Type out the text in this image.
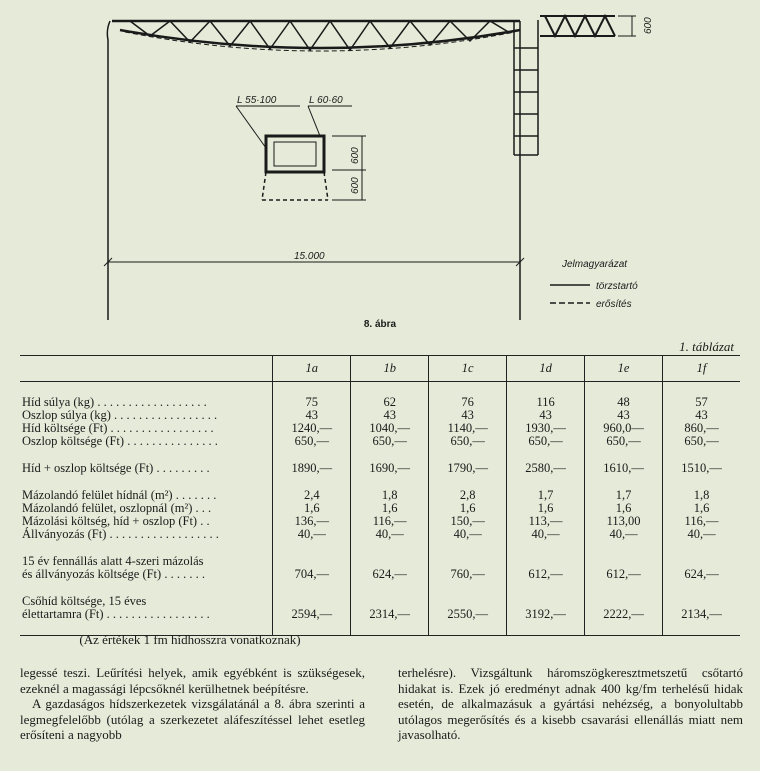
L 55·100	L 60·60
600
600
600
15.000
Jelmagyarázat
törzstartó
erősítés
8. ábra
1. táblázat
	1a	1b	1c	1d	1e	1f

Híd súlya (kg) . . . . . . . . . . . . . . . . . .	75	62	76	116	48	57
Oszlop súlya (kg) . . . . . . . . . . . . . . . . .	43	43	43	43	43	43
Híd költsége (Ft) . . . . . . . . . . . . . . . . .	1240,—	1040,—	1140,—	1930,—	960,0—	860,—
Oszlop költsége (Ft) . . . . . . . . . . . . . . .	650,—	650,—	650,—	650,—	650,—	650,—

Híd + oszlop költsége (Ft) . . . . . . . . .	1890,—	1690,—	1790,—	2580,—	1610,—	1510,—

Mázolandó felület hídnál (m²) . . . . . . .	2,4	1,8	2,8	1,7	1,7	1,8
Mázolandó felület, oszlopnál (m²) . . .	1,6	1,6	1,6	1,6	1,6	1,6
Mázolási költség, híd + oszlop (Ft) . .	136,—	116,—	150,—	113,—	113,00	116,—
Állványozás (Ft) . . . . . . . . . . . . . . . . . .	40,—	40,—	40,—	40,—	40,—	40,—

15 év fennállás alatt 4-szeri mázolás						
és állványozás költsége (Ft) . . . . . . .	704,—	624,—	760,—	612,—	612,—	624,—

Csőhíd költsége, 15 éves						
élettartamra (Ft) . . . . . . . . . . . . . . . . .	2594,—	2314,—	2550,—	3192,—	2222,—	2134,—

(Az értékek 1 fm hídhosszra vonatkoznak)

legessé teszi. Leűrítési helyek, amik egyébként is szükségesek, ezeknél a magassági lépcsőknél kerülhetnek beépítésre.

A gazdaságos hídszerkezetek vizsgálatánál a 8. ábra szerinti a legmegfelelőbb (utólag a szerkezetet aláfeszítéssel lehet esetleg erősíteni a nagyobb

terhelésre). Vizsgáltunk háromszögkeresztmetszetű csőtartó hidakat is. Ezek jó eredményt adnak 400 kg/fm terhelésű hidak esetén, de alkalmazásuk a gyártási nehézség, a bonyolultabb utólagos megerősítés és a kisebb csavarási ellenállás miatt nem javasolható.
